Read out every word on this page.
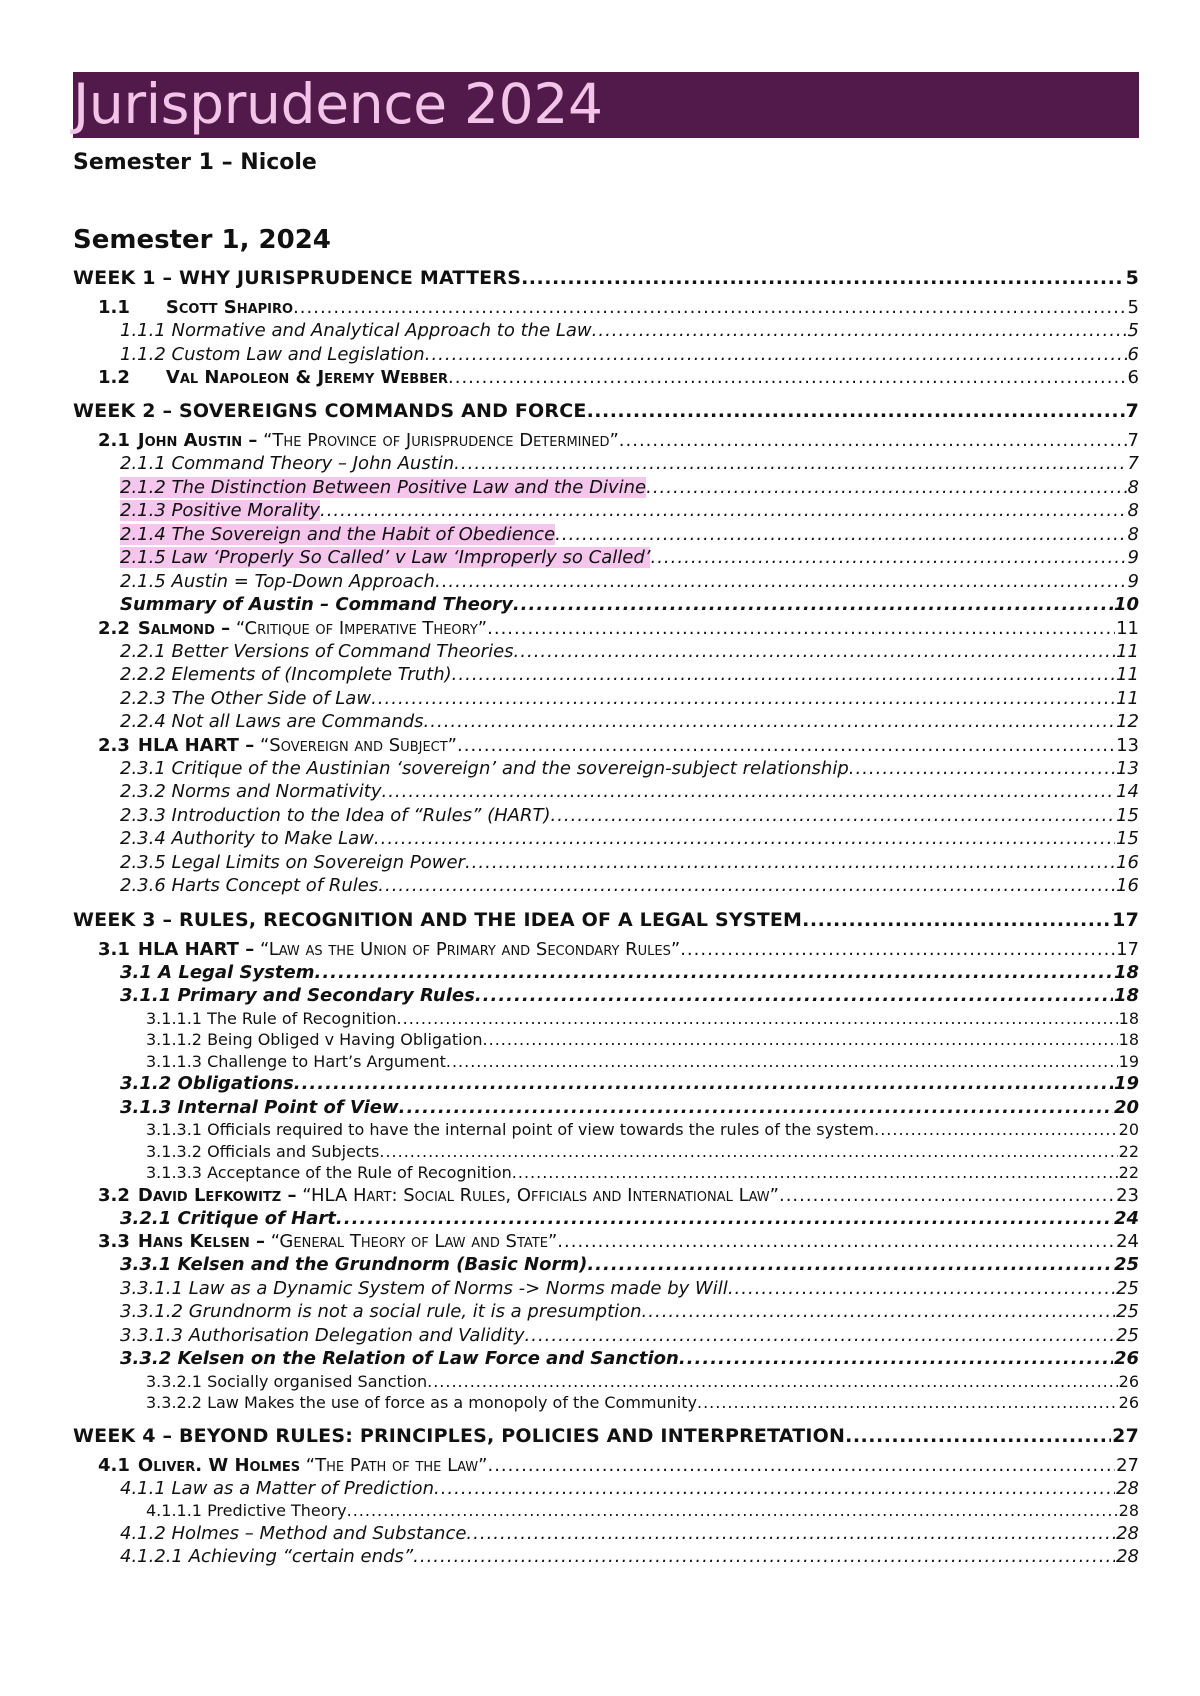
Jurisprudence 2024
Semester 1 – Nicole
Semester 1, 2024
WEEK 1 – WHY JURISPRUDENCE MATTERS .....	5
1.1 Scott Shapiro .....	5
1.1.1 Normative and Analytical Approach to the Law .....	5
1.1.2 Custom Law and Legislation .....	6
1.2 Val Napoleon & Jeremy Webber .....	6
WEEK 2 – SOVEREIGNS COMMANDS AND FORCE .....	7
2.1 John Austin – “The Province of Jurisprudence Determined” .....	7
2.1.1 Command Theory – John Austin .....	7
2.1.2 The Distinction Between Positive Law and the Divine .....	8
2.1.3 Positive Morality .....	8
2.1.4 The Sovereign and the Habit of Obedience .....	8
2.1.5 Law ‘Properly So Called’ v Law ‘Improperly so Called’ .....	9
2.1.5 Austin = Top-Down Approach .....	9
Summary of Austin – Command Theory .....	10
2.2 Salmond – “Critique of Imperative Theory” .....	11
2.2.1 Better Versions of Command Theories .....	11
2.2.2 Elements of (Incomplete Truth) .....	11
2.2.3 The Other Side of Law .....	11
2.2.4 Not all Laws are Commands .....	12
2.3 HLA HART – “Sovereign and Subject” .....	13
2.3.1 Critique of the Austinian ‘sovereign’ and the sovereign-subject relationship .....	13
2.3.2 Norms and Normativity .....	14
2.3.3 Introduction to the Idea of “Rules” (HART) .....	15
2.3.4 Authority to Make Law .....	15
2.3.5 Legal Limits on Sovereign Power .....	16
2.3.6 Harts Concept of Rules .....	16
WEEK 3 – RULES, RECOGNITION AND THE IDEA OF A LEGAL SYSTEM .....	17
3.1 HLA HART – “Law as the Union of Primary and Secondary Rules” .....	17
3.1 A Legal System .....	18
3.1.1 Primary and Secondary Rules .....	18
3.1.1.1 The Rule of Recognition .....	18
3.1.1.2 Being Obliged v Having Obligation .....	18
3.1.1.3 Challenge to Hart’s Argument .....	19
3.1.2 Obligations .....	19
3.1.3 Internal Point of View .....	20
3.1.3.1 Officials required to have the internal point of view towards the rules of the system .....	20
3.1.3.2 Officials and Subjects .....	22
3.1.3.3 Acceptance of the Rule of Recognition .....	22
3.2 David Lefkowitz – “HLA Hart: Social Rules, Officials and International Law” .....	23
3.2.1 Critique of Hart .....	24
3.3 Hans Kelsen – “General Theory of Law and State” .....	24
3.3.1 Kelsen and the Grundnorm (Basic Norm) .....	25
3.3.1.1 Law as a Dynamic System of Norms -> Norms made by Will .....	25
3.3.1.2 Grundnorm is not a social rule, it is a presumption .....	25
3.3.1.3 Authorisation Delegation and Validity .....	25
3.3.2 Kelsen on the Relation of Law Force and Sanction .....	26
3.3.2.1 Socially organised Sanction .....	26
3.3.2.2 Law Makes the use of force as a monopoly of the Community .....	26
WEEK 4 – BEYOND RULES: PRINCIPLES, POLICIES AND INTERPRETATION .....	27
4.1 Oliver. W Holmes “The Path of the Law” .....	27
4.1.1 Law as a Matter of Prediction .....	28
4.1.1.1 Predictive Theory .....	28
4.1.2 Holmes – Method and Substance .....	28
4.1.2.1 Achieving “certain ends” .....	28
